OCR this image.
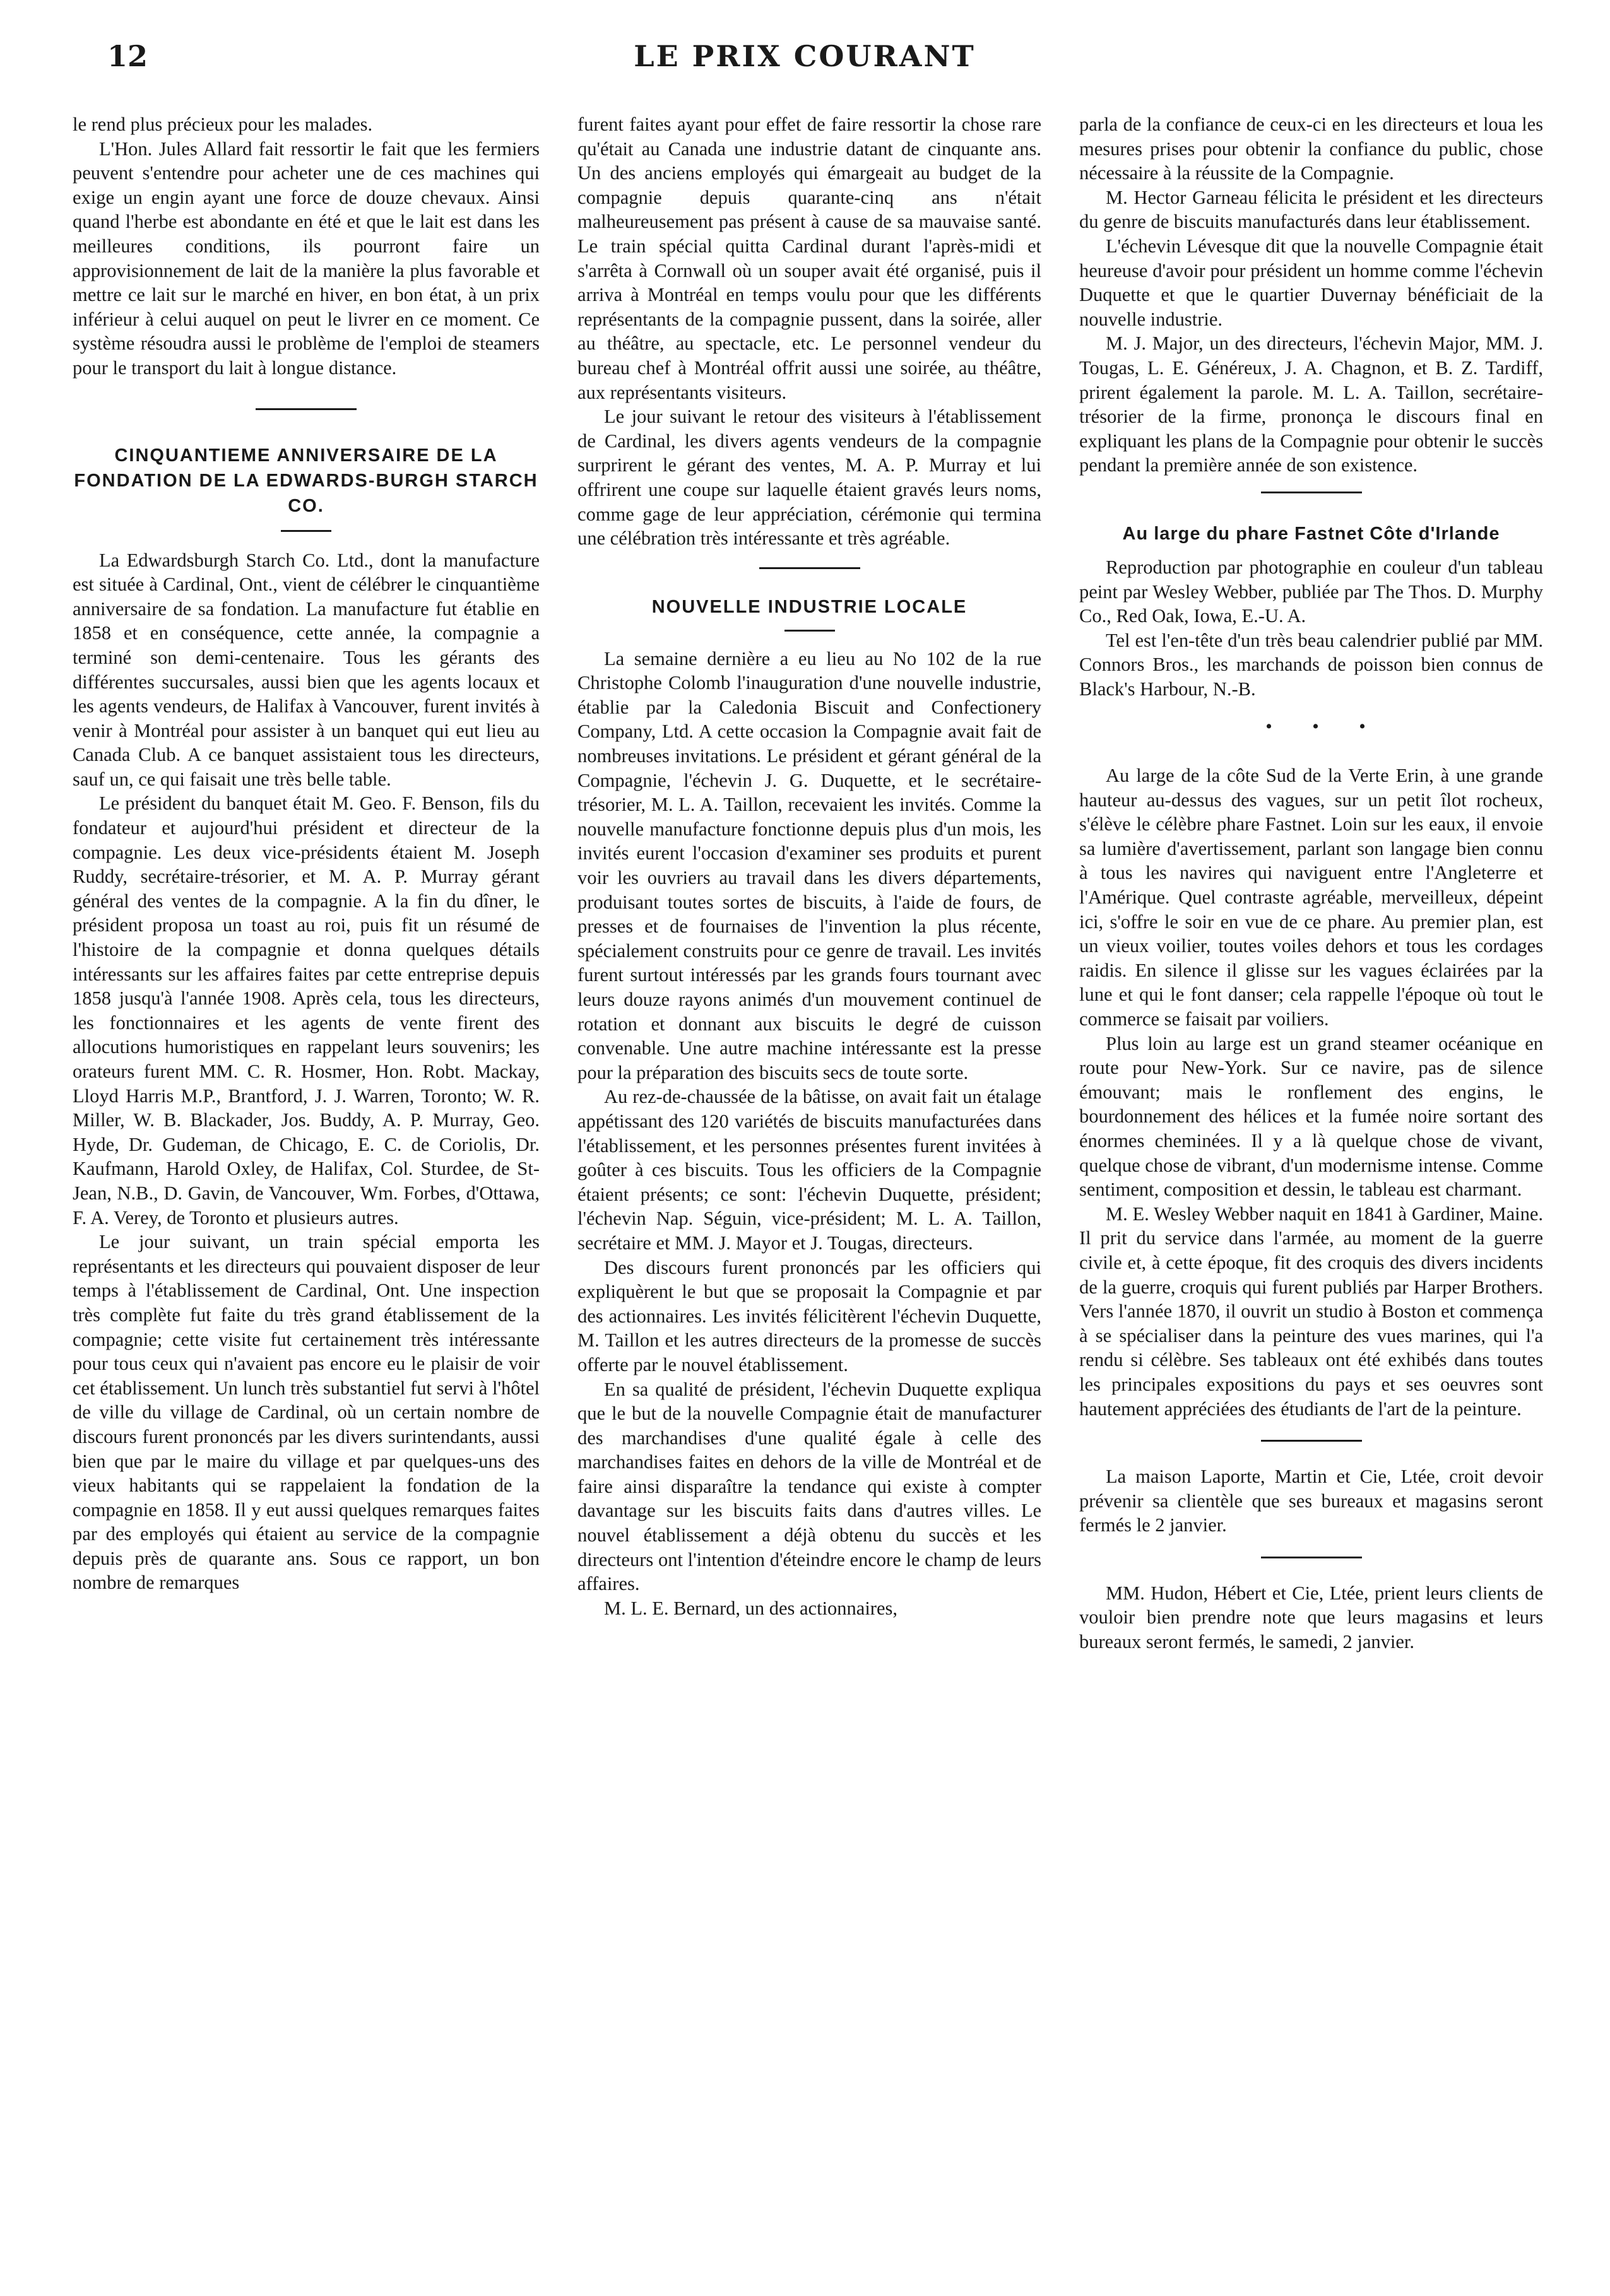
12	LE PRIX COURANT

le rend plus précieux pour les malades.

L'Hon. Jules Allard fait ressortir le fait que les fermiers peuvent s'entendre pour acheter une de ces machines qui exige un engin ayant une force de douze chevaux. Ainsi quand l'herbe est abondante en été et que le lait est dans les meilleures conditions, ils pourront faire un approvisionnement de lait de la manière la plus favorable et mettre ce lait sur le marché en hiver, en bon état, à un prix inférieur à celui auquel on peut le livrer en ce moment. Ce système résoudra aussi le problème de l'emploi de steamers pour le transport du lait à longue distance.

CINQUANTIEME ANNIVERSAIRE DE LA FONDATION DE LA EDWARDS-BURGH STARCH CO.

La Edwardsburgh Starch Co. Ltd., dont la manufacture est située à Cardinal, Ont., vient de célébrer le cinquantième anniversaire de sa fondation. La manufacture fut établie en 1858 et en conséquence, cette année, la compagnie a terminé son demi-centenaire. Tous les gérants des différentes succursales, aussi bien que les agents locaux et les agents vendeurs, de Halifax à Vancouver, furent invités à venir à Montréal pour assister à un banquet qui eut lieu au Canada Club. A ce banquet assistaient tous les directeurs, sauf un, ce qui faisait une très belle table.

Le président du banquet était M. Geo. F. Benson, fils du fondateur et aujourd'hui président et directeur de la compagnie. Les deux vice-présidents étaient M. Joseph Ruddy, secrétaire-trésorier, et M. A. P. Murray gérant général des ventes de la compagnie. A la fin du dîner, le président proposa un toast au roi, puis fit un résumé de l'histoire de la compagnie et donna quelques détails intéressants sur les affaires faites par cette entreprise depuis 1858 jusqu'à l'année 1908. Après cela, tous les directeurs, les fonctionnaires et les agents de vente firent des allocutions humoristiques en rappelant leurs souvenirs; les orateurs furent MM. C. R. Hosmer, Hon. Robt. Mackay, Lloyd Harris M.P., Brantford, J. J. Warren, Toronto; W. R. Miller, W. B. Blackader, Jos. Buddy, A. P. Murray, Geo. Hyde, Dr. Gudeman, de Chicago, E. C. de Coriolis, Dr. Kaufmann, Harold Oxley, de Halifax, Col. Sturdee, de St-Jean, N.B., D. Gavin, de Vancouver, Wm. Forbes, d'Ottawa, F. A. Verey, de Toronto et plusieurs autres.

Le jour suivant, un train spécial emporta les représentants et les directeurs qui pouvaient disposer de leur temps à l'établissement de Cardinal, Ont. Une inspection très complète fut faite du très grand établissement de la compagnie; cette visite fut certainement très intéressante pour tous ceux qui n'avaient pas encore eu le plaisir de voir cet établissement. Un lunch très substantiel fut servi à l'hôtel de ville du village de Cardinal, où un certain nombre de discours furent prononcés par les divers surintendants, aussi bien que par le maire du village et par quelques-uns des vieux habitants qui se rappelaient la fondation de la compagnie en 1858. Il y eut aussi quelques remarques faites par des employés qui étaient au service de la compagnie depuis près de quarante ans. Sous ce rapport, un bon nombre de remarques

furent faites ayant pour effet de faire ressortir la chose rare qu'était au Canada une industrie datant de cinquante ans. Un des anciens employés qui émargeait au budget de la compagnie depuis quarante-cinq ans n'était malheureusement pas présent à cause de sa mauvaise santé. Le train spécial quitta Cardinal durant l'après-midi et s'arrêta à Cornwall où un souper avait été organisé, puis il arriva à Montréal en temps voulu pour que les différents représentants de la compagnie pussent, dans la soirée, aller au théâtre, au spectacle, etc. Le personnel vendeur du bureau chef à Montréal offrit aussi une soirée, au théâtre, aux représentants visiteurs.

Le jour suivant le retour des visiteurs à l'établissement de Cardinal, les divers agents vendeurs de la compagnie surprirent le gérant des ventes, M. A. P. Murray et lui offrirent une coupe sur laquelle étaient gravés leurs noms, comme gage de leur appréciation, cérémonie qui termina une célébration très intéressante et très agréable.

NOUVELLE INDUSTRIE LOCALE

La semaine dernière a eu lieu au No 102 de la rue Christophe Colomb l'inauguration d'une nouvelle industrie, établie par la Caledonia Biscuit and Confectionery Company, Ltd. A cette occasion la Compagnie avait fait de nombreuses invitations. Le président et gérant général de la Compagnie, l'échevin J. G. Duquette, et le secrétaire-trésorier, M. L. A. Taillon, recevaient les invités. Comme la nouvelle manufacture fonctionne depuis plus d'un mois, les invités eurent l'occasion d'examiner ses produits et purent voir les ouvriers au travail dans les divers départements, produisant toutes sortes de biscuits, à l'aide de fours, de presses et de fournaises de l'invention la plus récente, spécialement construits pour ce genre de travail. Les invités furent surtout intéressés par les grands fours tournant avec leurs douze rayons animés d'un mouvement continuel de rotation et donnant aux biscuits le degré de cuisson convenable. Une autre machine intéressante est la presse pour la préparation des biscuits secs de toute sorte.

Au rez-de-chaussée de la bâtisse, on avait fait un étalage appétissant des 120 variétés de biscuits manufacturées dans l'établissement, et les personnes présentes furent invitées à goûter à ces biscuits. Tous les officiers de la Compagnie étaient présents; ce sont: l'échevin Duquette, président; l'échevin Nap. Séguin, vice-président; M. L. A. Taillon, secrétaire et MM. J. Mayor et J. Tougas, directeurs.

Des discours furent prononcés par les officiers qui expliquèrent le but que se proposait la Compagnie et par des actionnaires. Les invités félicitèrent l'échevin Duquette, M. Taillon et les autres directeurs de la promesse de succès offerte par le nouvel établissement.

En sa qualité de président, l'échevin Duquette expliqua que le but de la nouvelle Compagnie était de manufacturer des marchandises d'une qualité égale à celle des marchandises faites en dehors de la ville de Montréal et de faire ainsi disparaître la tendance qui existe à compter davantage sur les biscuits faits dans d'autres villes. Le nouvel établissement a déjà obtenu du succès et les directeurs ont l'intention d'éteindre encore le champ de leurs affaires.

M. L. E. Bernard, un des actionnaires,

parla de la confiance de ceux-ci en les directeurs et loua les mesures prises pour obtenir la confiance du public, chose nécessaire à la réussite de la Compagnie.

M. Hector Garneau félicita le président et les directeurs du genre de biscuits manufacturés dans leur établissement.

L'échevin Lévesque dit que la nouvelle Compagnie était heureuse d'avoir pour président un homme comme l'échevin Duquette et que le quartier Duvernay bénéficiait de la nouvelle industrie.

M. J. Major, un des directeurs, l'échevin Major, MM. J. Tougas, L. E. Généreux, J. A. Chagnon, et B. Z. Tardiff, prirent également la parole. M. L. A. Taillon, secrétaire-trésorier de la firme, prononça le discours final en expliquant les plans de la Compagnie pour obtenir le succès pendant la première année de son existence.

Au large du phare Fastnet Côte d'Irlande

Reproduction par photographie en couleur d'un tableau peint par Wesley Webber, publiée par The Thos. D. Murphy Co., Red Oak, Iowa, E.-U. A.

Tel est l'en-tête d'un très beau calendrier publié par MM. Connors Bros., les marchands de poisson bien connus de Black's Harbour, N.-B.

• • •

Au large de la côte Sud de la Verte Erin, à une grande hauteur au-dessus des vagues, sur un petit îlot rocheux, s'élève le célèbre phare Fastnet. Loin sur les eaux, il envoie sa lumière d'avertissement, parlant son langage bien connu à tous les navires qui naviguent entre l'Angleterre et l'Amérique. Quel contraste agréable, merveilleux, dépeint ici, s'offre le soir en vue de ce phare. Au premier plan, est un vieux voilier, toutes voiles dehors et tous les cordages raidis. En silence il glisse sur les vagues éclairées par la lune et qui le font danser; cela rappelle l'époque où tout le commerce se faisait par voiliers.

Plus loin au large est un grand steamer océanique en route pour New-York. Sur ce navire, pas de silence émouvant; mais le ronflement des engins, le bourdonnement des hélices et la fumée noire sortant des énormes cheminées. Il y a là quelque chose de vivant, quelque chose de vibrant, d'un modernisme intense. Comme sentiment, composition et dessin, le tableau est charmant.

M. E. Wesley Webber naquit en 1841 à Gardiner, Maine. Il prit du service dans l'armée, au moment de la guerre civile et, à cette époque, fit des croquis des divers incidents de la guerre, croquis qui furent publiés par Harper Brothers. Vers l'année 1870, il ouvrit un studio à Boston et commença à se spécialiser dans la peinture des vues marines, qui l'a rendu si célèbre. Ses tableaux ont été exhibés dans toutes les principales expositions du pays et ses oeuvres sont hautement appréciées des étudiants de l'art de la peinture.

La maison Laporte, Martin et Cie, Ltée, croit devoir prévenir sa clientèle que ses bureaux et magasins seront fermés le 2 janvier.

MM. Hudon, Hébert et Cie, Ltée, prient leurs clients de vouloir bien prendre note que leurs magasins et leurs bureaux seront fermés, le samedi, 2 janvier.
